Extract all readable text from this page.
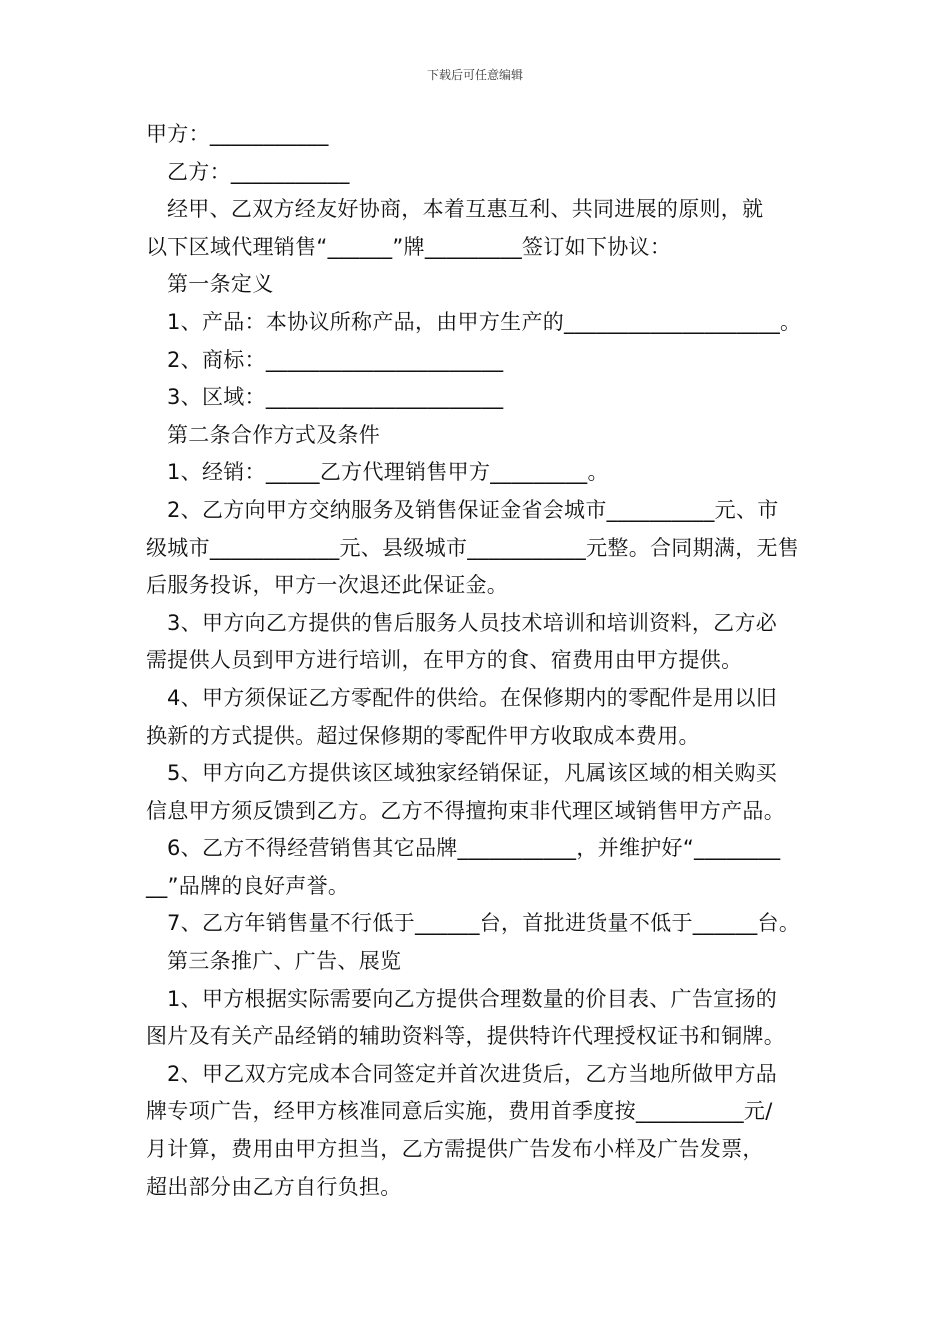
下载后可任意编辑
甲方：___________
乙方：___________
经甲、乙双方经友好协商，本着互惠互利、共同进展的原则，就
以下区域代理销售“______”牌_________签订如下协议：
第一条定义
1、产品：本协议所称产品，由甲方生产的____________________。
2、商标：______________________
3、区域：______________________
第二条合作方式及条件
1、经销：_____乙方代理销售甲方_________。
2、乙方向甲方交纳服务及销售保证金省会城市__________元、市
级城市____________元、县级城市___________元整。合同期满，无售
后服务投诉，甲方一次退还此保证金。
3、甲方向乙方提供的售后服务人员技术培训和培训资料，乙方必
需提供人员到甲方进行培训，在甲方的食、宿费用由甲方提供。
4、甲方须保证乙方零配件的供给。在保修期内的零配件是用以旧
换新的方式提供。超过保修期的零配件甲方收取成本费用。
5、甲方向乙方提供该区域独家经销保证，凡属该区域的相关购买
信息甲方须反馈到乙方。乙方不得擅拘束非代理区域销售甲方产品。
6、乙方不得经营销售其它品牌___________，并维护好“________
__”品牌的良好声誉。
7、乙方年销售量不行低于______台，首批进货量不低于______台。
第三条推广、广告、展览
1、甲方根据实际需要向乙方提供合理数量的价目表、广告宣扬的
图片及有关产品经销的辅助资料等，提供特许代理授权证书和铜牌。
2、甲乙双方完成本合同签定并首次进货后，乙方当地所做甲方品
牌专项广告，经甲方核准同意后实施，费用首季度按__________元/
月计算，费用由甲方担当，乙方需提供广告发布小样及广告发票，
超出部分由乙方自行负担。
